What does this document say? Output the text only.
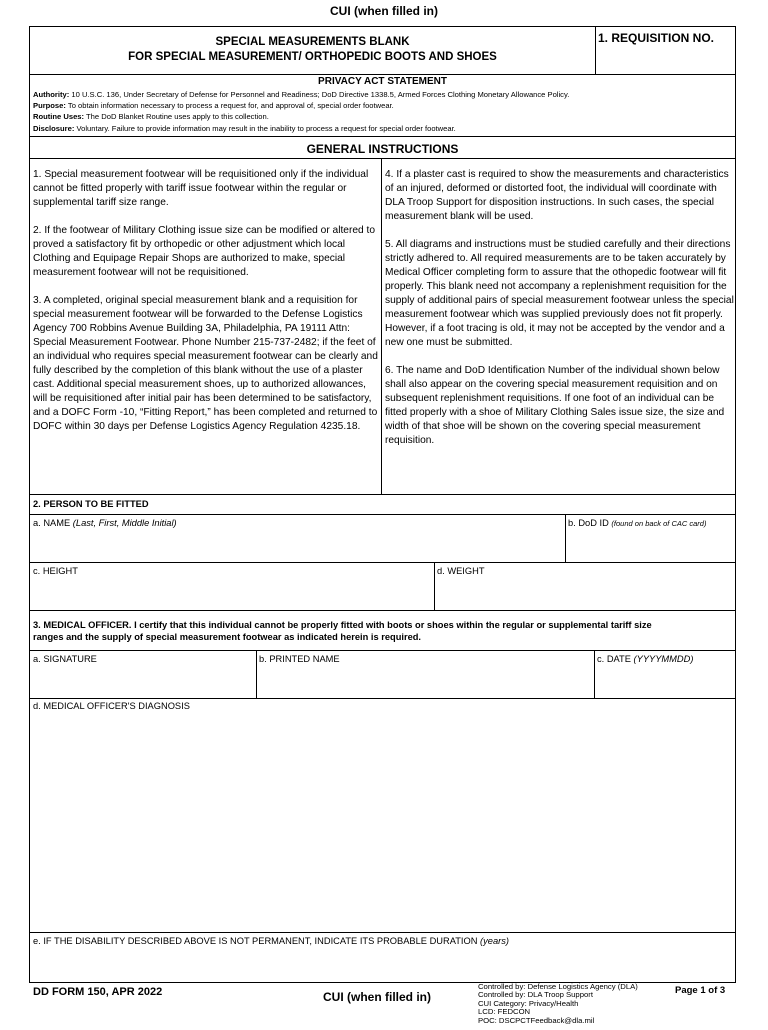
CUI (when filled in)
SPECIAL MEASUREMENTS BLANK
FOR SPECIAL MEASUREMENT/ ORTHOPEDIC BOOTS AND SHOES
1. REQUISITION NO.
PRIVACY ACT STATEMENT
Authority: 10 U.S.C. 136, Under Secretary of Defense for Personnel and Readiness; DoD Directive 1338.5, Armed Forces Clothing Monetary Allowance Policy.
Purpose: To obtain information necessary to process a request for, and approval of, special order footwear.
Routine Uses: The DoD Blanket Routine uses apply to this collection.
Disclosure: Voluntary. Failure to provide information may result in the inability to process a request for special order footwear.
GENERAL INSTRUCTIONS

1. Special measurement footwear will be requisitioned only if the individual cannot be fitted properly with tariff issue footwear within the regular or supplemental tariff size range.

2. If the footwear of Military Clothing issue size can be modified or altered to proved a satisfactory fit by orthopedic or other adjustment which local Clothing and Equipage Repair Shops are authorized to make, special measurement footwear will not be requisitioned.

3. A completed, original special measurement blank and a requisition for special measurement footwear will be forwarded to the Defense Logistics Agency 700 Robbins Avenue Building 3A, Philadelphia, PA 19111 Attn: Special Measurement Footwear. Phone Number 215-737-2482; if the feet of an individual who requires special measurement footwear can be clearly and fully described by the completion of this blank without the use of a plaster cast. Additional special measurement shoes, up to authorized allowances, will be requisitioned after initial pair has been determined to be satisfactory, and a DOFC Form -10, “Fitting Report,” has been completed and returned to DOFC within 30 days per Defense Logistics Agency Regulation 4235.18.

4. If a plaster cast is required to show the measurements and characteristics of an injured, deformed or distorted foot, the individual will coordinate with DLA Troop Support for disposition instructions. In such cases, the special measurement blank will be used.

5. All diagrams and instructions must be studied carefully and their directions strictly adhered to. All required measurements are to be taken accurately by Medical Officer completing form to assure that the othopedic footwear will fit properly. This blank need not accompany a replenishment requisition for the supply of additional pairs of special measurement footwear unless the special measurement footwear which was supplied previously does not fit properly. However, if a foot tracing is old, it may not be accepted by the vendor and a new one must be submitted.

6. The name and DoD Identification Number of the individual shown below shall also appear on the covering special measurement requisition and on subsequent replenishment requisitions. If one foot of an individual can be fitted properly with a shoe of Military Clothing Sales issue size, the size and width of that shoe will be shown on the covering special measurement requisition.

2. PERSON TO BE FITTED
a. NAME (Last, First, Middle Initial)	b. DoD ID (found on back of CAC card)
c. HEIGHT	d. WEIGHT
3. MEDICAL OFFICER. I certify that this individual cannot be properly fitted with boots or shoes within the regular or supplemental tariff size
ranges and the supply of special measurement footwear as indicated herein is required.
a. SIGNATURE	b. PRINTED NAME	c. DATE (YYYYMMDD)
d. MEDICAL OFFICER'S DIAGNOSIS
e. IF THE DISABILITY DESCRIBED ABOVE IS NOT PERMANENT, INDICATE ITS PROBABLE DURATION (years)
DD FORM 150, APR 2022	CUI (when filled in)
Controlled by: Defense Logistics Agency (DLA)
Controlled by: DLA Troop Support
CUI Category: Privacy/Health
LCD: FEDCON
POC: DSCPCTFeedback@dla.mil
Page 1 of 3
